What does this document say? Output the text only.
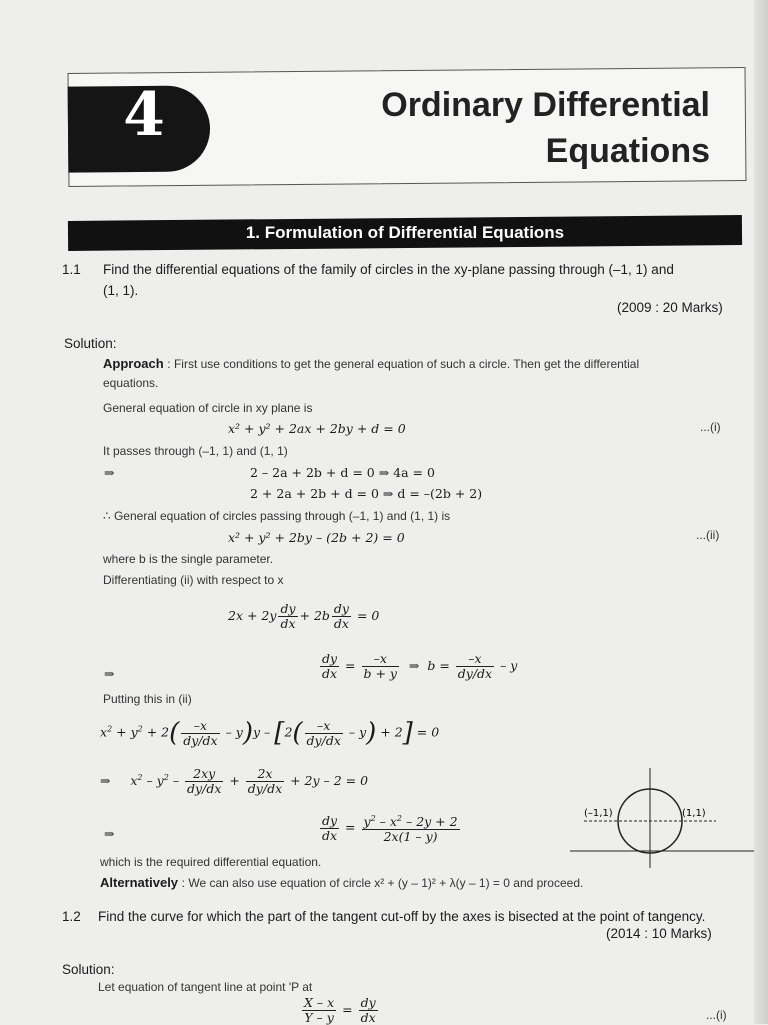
4	Ordinary Differential
Equations
1. Formulation of Differential Equations
1.1 Find the differential equations of the family of circles in the xy-plane passing through (–1, 1) and
(1, 1).
(2009 : 20 Marks)
Solution:
Approach : First use conditions to get the general equation of such a circle. Then get the differential
equations.
General equation of circle in xy plane is
x² + y² + 2ax + 2by + d = 0	...(i)
It passes through (–1, 1) and (1, 1)
⇒	2 – 2a + 2b + d = 0 ⇒ 4a = 0
2 + 2a + 2b + d = 0 ⇒ d = –(2b + 2)
∴ General equation of circles passing through (–1, 1) and (1, 1) is
x² + y² + 2by – (2b + 2) = 0	...(ii)
where b is the single parameter.
Differentiating (ii) with respect to x
$2x + 2y \frac{dy}{dx} + 2b \frac{dy}{dx} = 0$
⇒	$\frac{dy}{dx} = \frac{-x}{b + y}$ ⇒  $b = \frac{-x}{dy/dx} - y$
Putting this in (ii)
$x^2 + y^2 + 2( \frac{-x}{dy/dx} - y)y - [2( \frac{-x}{dy/dx} - y) + 2] = 0$
⇒     $x^2 - y^2 - \frac{2xy}{dy/dx} + \frac{2x}{dy/dx} + 2y - 2 = 0$
⇒	$\frac{dy}{dx} = \frac{y^2 - x^2 - 2y + 2}{2x(1 - y)}$
which is the required differential equation.
Alternatively : We can also use equation of circle x² + (y – 1)² + λ(y – 1) = 0 and proceed.
(–1,1)	(1,1)
1.2 Find the curve for which the part of the tangent cut-off by the axes is bisected at the point of tangency.
(2014 : 10 Marks)
Solution:
Let equation of tangent line at point 'P at
$\frac{X - x}{Y - y} = \frac{dy}{dx}$	...(i)
